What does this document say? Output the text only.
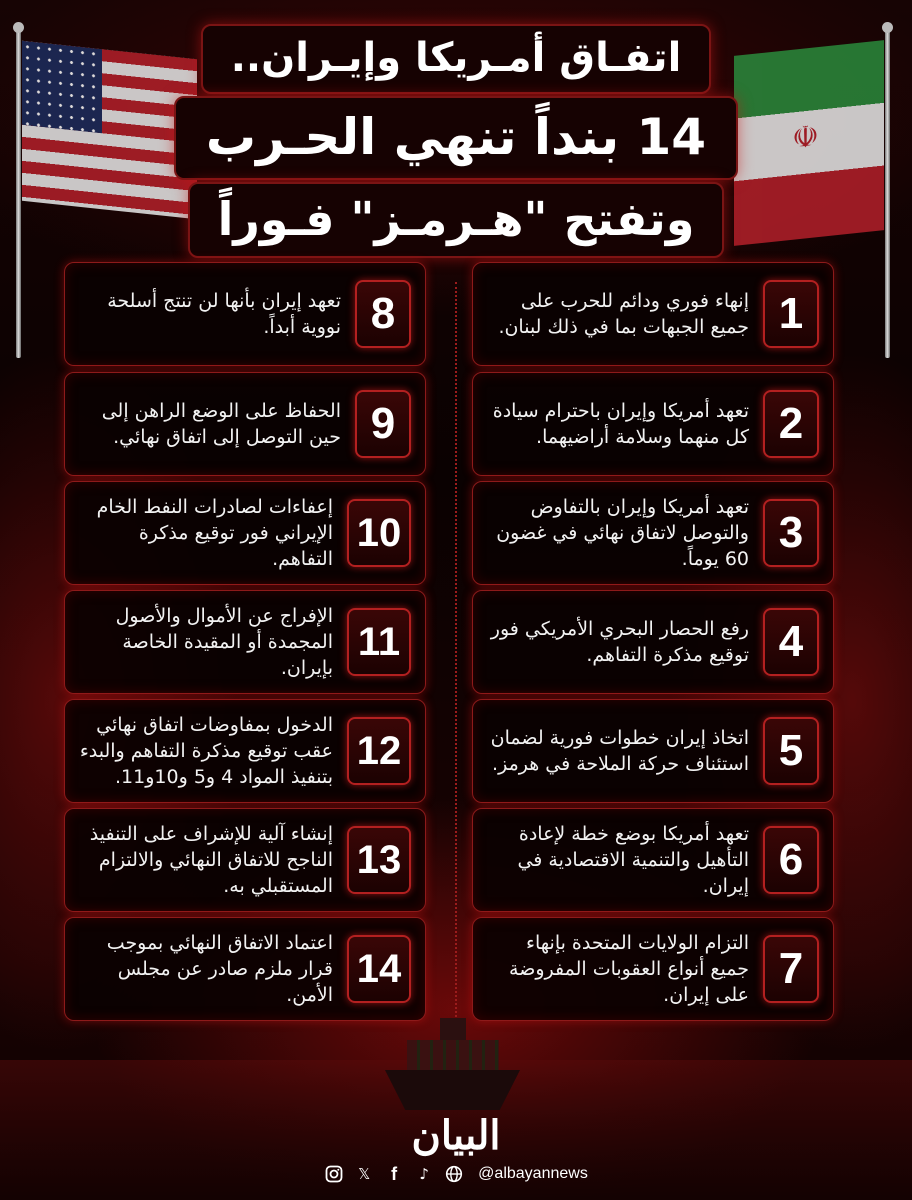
☫
اتفـاق أمـريكا وإيـران..
14 بنداً تنهي الحـرب
وتفتح "هـرمـز" فـوراً
1
إنهاء فوري ودائم للحرب على جميع الجبهات بما في ذلك لبنان.
2
تعهد أمريكا وإيران باحترام سيادة كل منهما وسلامة أراضيهما.
3
تعهد أمريكا وإيران بالتفاوض والتوصل لاتفاق نهائي في غضون 60 يوماً.
4
رفع الحصار البحري الأمريكي فور توقيع مذكرة التفاهم.
5
اتخاذ إيران خطوات فورية لضمان استئناف حركة الملاحة في هرمز.
6
تعهد أمريكا بوضع خطة لإعادة التأهيل والتنمية الاقتصادية في إيران.
7
التزام الولايات المتحدة بإنهاء جميع أنواع العقوبات المفروضة على إيران.
8
تعهد إيران بأنها لن تنتج أسلحة نووية أبداً.
9
الحفاظ على الوضع الراهن إلى حين التوصل إلى اتفاق نهائي.
10
إعفاءات لصادرات النفط الخام الإيراني فور توقيع مذكرة التفاهم.
11
الإفراج عن الأموال والأصول المجمدة أو المقيدة الخاصة بإيران.
12
الدخول بمفاوضات اتفاق نهائي عقب توقيع مذكرة التفاهم والبدء بتنفيذ المواد 4 و5 و10و11.
13
إنشاء آلية للإشراف على التنفيذ الناجح للاتفاق النهائي والالتزام المستقبلي به.
14
اعتماد الاتفاق النهائي بموجب قرار ملزم صادر عن مجلس الأمن.
البيان
𝕏	f	♪	@albayannews
